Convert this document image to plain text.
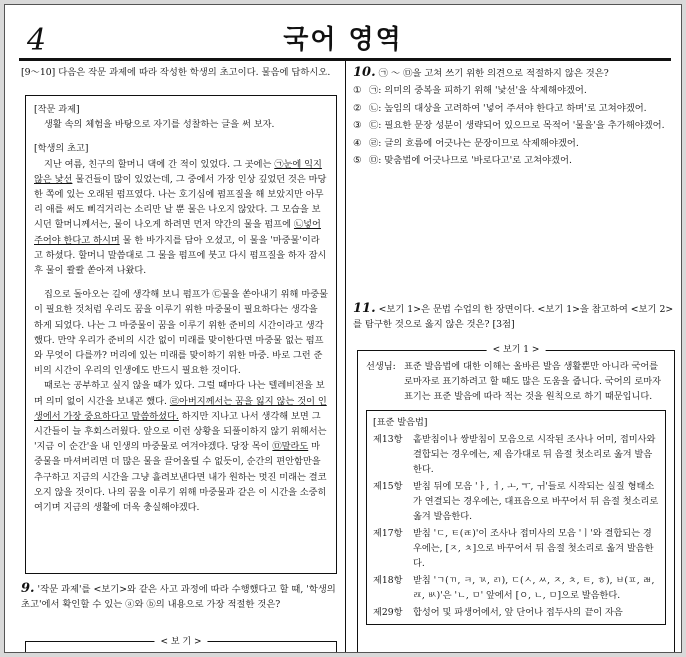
4	국어 영역
[9～10] 다음은 작문 과제에 따라 작성한 학생의 초고이다. 물음에 답하시오.
[작문 과제]
생활 속의 체험을 바탕으로 자기를 성찰하는 글을 써 보자.
[학생의 초고]
지난 여름, 친구의 할머니 댁에 간 적이 있었다. 그 곳에는 ㉠눈에 익지 않은 낯선 물건들이 많이 있었는데, 그 중에서 가장 인상 깊었던 것은 마당 한 쪽에 있는 오래된 펌프였다. 나는 호기심에 펌프질을 해 보았지만 아무리 애를 써도 삐걱거리는 소리만 날 뿐 물은 나오지 않았다. 그 모습을 보시던 할머니께서는, 물이 나오게 하려면 먼저 약간의 물을 펌프에 ㉡넣어 주어야 한다고 하시며 물 한 바가지를 담아 오셨고, 이 물을 '마중물'이라고 하셨다. 할머니 말씀대로 그 물을 펌프에 붓고 다시 펌프질을 하자 잠시 후 물이 콸콸 쏟아져 나왔다.
집으로 돌아오는 길에 생각해 보니 펌프가 ㉢물을 쏟아내기 위해 마중물이 필요한 것처럼 우리도 꿈을 이루기 위한 마중물이 필요하다는 생각을 하게 되었다. 나는 그 마중물이 꿈을 이루기 위한 준비의 시간이라고 생각했다. 만약 우리가 준비의 시간 없이 미래를 맞이한다면 마중물 없는 펌프와 무엇이 다를까? 머리에 있는 미래를 맞이하기 위한 마중. 바로 그런 준비의 시간이 우리의 인생에도 반드시 필요한 것이다.
때로는 공부하고 싶지 않을 때가 있다. 그럴 때마다 나는 텔레비전을 보며 의미 없이 시간을 보내곤 했다. ㉣아버지께서는 꿈을 잃지 않는 것이 인생에서 가장 중요하다고 말씀하셨다. 하지만 지나고 나서 생각해 보면 그 시간들이 늘 후회스러웠다. 앞으로 이런 상황을 되풀이하지 않기 위해서는 '지금 이 순간'을 내 인생의 마중물로 여겨야겠다. 당장 목이 ㉤말라도 마중물을 마셔버리면 더 많은 물을 끌어올릴 수 없듯이, 순간의 편안함만을 추구하고 지금의 시간을 그냥 흘려보낸다면 내가 원하는 멋진 미래는 결코 오지 않을 것이다. 나의 꿈을 이루기 위해 마중물과 같은 이 시간을 소중히 여기며 지금의 생활에 더욱 충실해야겠다.
9. '작문 과제'를 <보기>와 같은 사고 과정에 따라 수행했다고 할 때, '학생의 초고'에서 확인할 수 있는 ⓐ와 ⓑ의 내용으로 가장 적절한 것은?
< 보 기 >
10. ㉠ ～ ㉤을 고쳐 쓰기 위한 의견으로 적절하지 않은 것은?
① ㉠: 의미의 중복을 피하기 위해 '낯선'을 삭제해야겠어.
② ㉡: 높임의 대상을 고려하여 '넣어 주셔야 한다고 하며'로 고쳐야겠어.
③ ㉢: 필요한 문장 성분이 생략되어 있으므로 목적어 '물을'을 추가해야겠어.
④ ㉣: 글의 흐름에 어긋나는 문장이므로 삭제해야겠어.
⑤ ㉤: 맞춤법에 어긋나므로 '바로다고'로 고쳐야겠어.
11. <보기 1>은 문법 수업의 한 장면이다. <보기 1>을 참고하여 <보기 2>를 탐구한 것으로 옳지 않은 것은? [3점]
< 보기 1 >
선생님: 표준 발음법에 대한 이해는 올바른 발음 생활뿐만 아니라 국어를 로마자로 표기하려고 할 때도 많은 도움을 줍니다. 국어의 로마자 표기는 표준 발음에 따라 적는 것을 원칙으로 하기 때문입니다.
[표준 발음법]
제13항	홑받침이나 쌍받침이 모음으로 시작된 조사나 어미, 접미사와 결합되는 경우에는, 제 음가대로 뒤 음절 첫소리로 옮겨 발음한다.
제15항	받침 뒤에 모음 'ㅏ, ㅓ, ㅗ, ㅜ, ㅟ'들로 시작되는 실질 형태소가 연결되는 경우에는, 대표음으로 바꾸어서 뒤 음절 첫소리로 옮겨 발음한다.
제17항	받침 'ㄷ, ㅌ(ㄾ)'이 조사나 접미사의 모음 'ㅣ'와 결합되는 경우에는, [ㅈ, ㅊ]으로 바꾸어서 뒤 음절 첫소리로 옮겨 발음한다.
제18항	받침 'ㄱ(ㄲ, ㅋ, ㄳ, ㄺ), ㄷ(ㅅ, ㅆ, ㅈ, ㅊ, ㅌ, ㅎ), ㅂ(ㅍ, ㄼ, ㄿ, ㅄ)'은 'ㄴ, ㅁ' 앞에서 [ㅇ, ㄴ, ㅁ]으로 발음한다.
제29항	합성어 및 파생어에서, 앞 단어나 접두사의 끝이 자음
